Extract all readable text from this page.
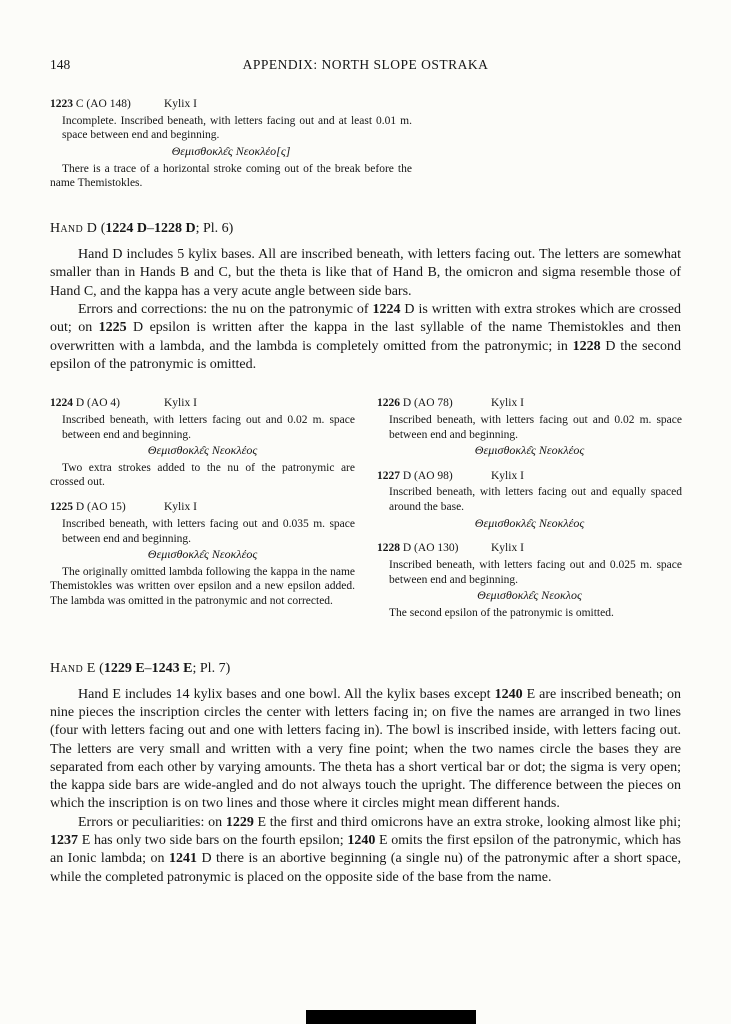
148	APPENDIX: NORTH SLOPE OSTRAKA
1223 C (AO 148)	Kylix I

Incomplete. Inscribed beneath, with letters facing out and at least 0.01 m. space between end and beginning.

Θεμισθοκλε̑ς Νεοκλέο[ς]

There is a trace of a horizontal stroke coming out of the break before the name Themistokles.

Hand D (1224 D–1228 D; Pl. 6)

Hand D includes 5 kylix bases. All are inscribed beneath, with letters facing out. The letters are somewhat smaller than in Hands B and C, but the theta is like that of Hand B, the omicron and sigma resemble those of Hand C, and the kappa has a very acute angle between side bars.

Errors and corrections: the nu on the patronymic of 1224 D is written with extra strokes which are crossed out; on 1225 D epsilon is written after the kappa in the last syllable of the name Themistokles and then overwritten with a lambda, and the lambda is completely omitted from the patronymic; in 1228 D the second epsilon of the patronymic is omitted.

1224 D (AO 4)	Kylix I

Inscribed beneath, with letters facing out and 0.02 m. space between end and beginning.

Θεμισθοκλε̑ς Νεοκλέος

Two extra strokes added to the nu of the patronymic are crossed out.

1225 D (AO 15)	Kylix I

Inscribed beneath, with letters facing out and 0.035 m. space between end and beginning.

Θεμισθοκλε̑ς Νεοκλέος

The originally omitted lambda following the kappa in the name Themistokles was written over epsilon and a new epsilon added. The lambda was omitted in the patronymic and not corrected.

1226 D (AO 78)	Kylix I

Inscribed beneath, with letters facing out and 0.02 m. space between end and beginning.

Θεμισθοκλε̑ς Νεοκλέος

1227 D (AO 98)	Kylix I

Inscribed beneath, with letters facing out and equally spaced around the base.

Θεμισθοκλε̑ς Νεοκλέος

1228 D (AO 130)	Kylix I

Inscribed beneath, with letters facing out and 0.025 m. space between end and beginning.

Θεμισθοκλε̑ς Νεοκλος

The second epsilon of the patronymic is omitted.

Hand E (1229 E–1243 E; Pl. 7)

Hand E includes 14 kylix bases and one bowl. All the kylix bases except 1240 E are inscribed beneath; on nine pieces the inscription circles the center with letters facing in; on five the names are arranged in two lines (four with letters facing out and one with letters facing in). The bowl is inscribed inside, with letters facing out. The letters are very small and written with a very fine point; when the two names circle the bases they are separated from each other by varying amounts. The theta has a short vertical bar or dot; the sigma is very open; the kappa side bars are wide-angled and do not always touch the upright. The difference between the pieces on which the inscription is on two lines and those where it circles might mean different hands.

Errors or peculiarities: on 1229 E the first and third omicrons have an extra stroke, looking almost like phi; 1237 E has only two side bars on the fourth epsilon; 1240 E omits the first epsilon of the patronymic, which has an Ionic lambda; on 1241 D there is an abortive beginning (a single nu) of the patronymic after a short space, while the completed patronymic is placed on the opposite side of the base from the name.
